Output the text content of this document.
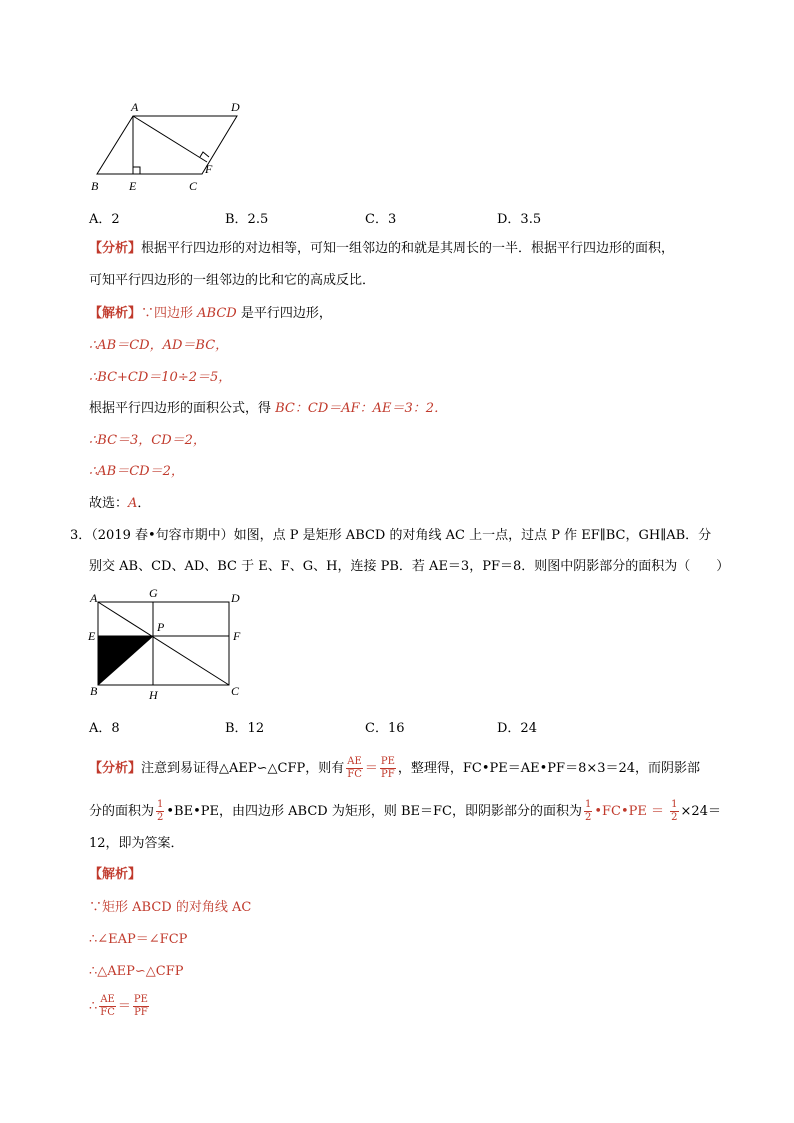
A	D
B	E	C
F
A．2	B．2.5	C．3	D．3.5
【分析】根据平行四边形的对边相等，可知一组邻边的和就是其周长的一半．根据平行四边形的面积，
可知平行四边形的一组邻边的比和它的高成反比．
【解析】∵四边形 ABCD 是平行四边形，
∴AB＝CD，AD＝BC，
∴BC+CD＝10÷2＝5，
根据平行四边形的面积公式，得 BC：CD＝AF：AE＝3：2．
∴BC＝3，CD＝2，
∴AB＝CD＝2，
故选：A．
3．（2019 春•句容市期中）如图，点 P 是矩形 ABCD 的对角线 AC 上一点，过点 P 作 EF∥BC，GH∥AB．分
别交 AB、CD、AD、BC 于 E、F、G、H，连接 PB．若 AE＝3，PF＝8．则图中阴影部分的面积为（　　）
A	G	D
P
E	F
B	H	C
A．8	B．12	C．16	D．24
【分析】注意到易证得△AEP∽△CFP，则有 $\frac{AE}{FC} = \frac{PE}{PF}$ ，整理得，FC•PE＝AE•PF＝8×3＝24，而阴影部
分的面积为 $\frac{1}{2}$ •BE•PE，由四边形 ABCD 为矩形，则 BE＝FC，即阴影部分的面积为 $\frac{1}{2}$ •FC•PE ＝ $\frac{1}{2} \times 24=$
12，即为答案．
【解析】
∵矩形 ABCD 的对角线 AC
∴∠EAP＝∠FCP
∴△AEP∽△CFP
∴ $\frac{AE}{FC} = \frac{PE}{PF}$
